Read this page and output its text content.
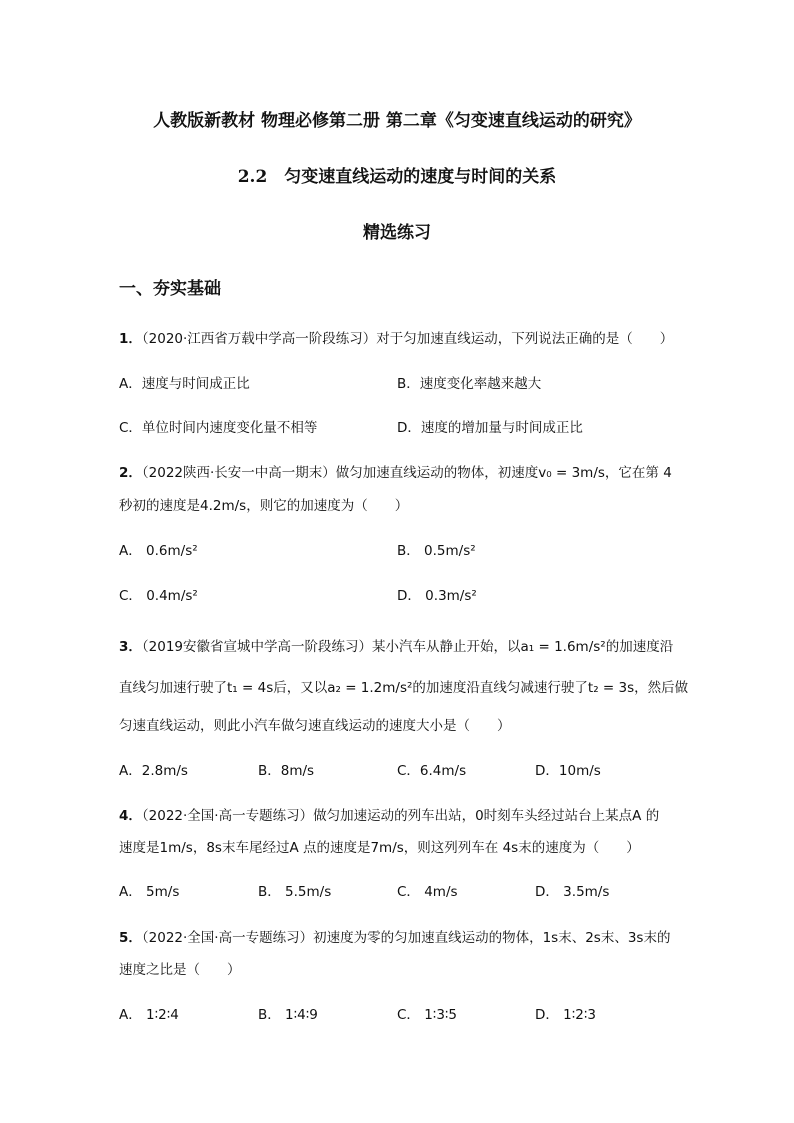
人教版新教材 物理必修第二册 第二章《匀变速直线运动的研究》
2.2　匀变速直线运动的速度与时间的关系
精选练习
一、夯实基础
1．（2020·江西省万载中学高一阶段练习）对于匀加速直线运动，下列说法正确的是（　　）
A．速度与时间成正比	B．速度变化率越来越大
C．单位时间内速度变化量不相等	D．速度的增加量与时间成正比
2．（2022陕西·长安一中高一期末）做匀加速直线运动的物体，初速度v₀ = 3m/s，它在第 4
秒初的速度是4.2m/s，则它的加速度为（　　）
A． 0.6m/s²	B． 0.5m/s²
C． 0.4m/s²	D． 0.3m/s²
3．（2019安徽省宣城中学高一阶段练习）某小汽车从静止开始，以a₁ = 1.6m/s²的加速度沿
直线匀加速行驶了t₁ = 4s后，又以a₂ = 1.2m/s²的加速度沿直线匀减速行驶了t₂ = 3s，然后做
匀速直线运动，则此小汽车做匀速直线运动的速度大小是（　　）
A．2.8m/s	B．8m/s	C．6.4m/s	D．10m/s
4．（2022·全国·高一专题练习）做匀加速运动的列车出站，0时刻车头经过站台上某点A 的
速度是1m/s，8s末车尾经过A 点的速度是7m/s，则这列列车在 4s末的速度为（　　）
A． 5m/s	B． 5.5m/s	C． 4m/s	D． 3.5m/s
5．（2022·全国·高一专题练习）初速度为零的匀加速直线运动的物体，1s末、2s末、3s末的
速度之比是（　　）
A． 1∶2∶4	B． 1∶4∶9	C． 1∶3∶5	D． 1∶2∶3
